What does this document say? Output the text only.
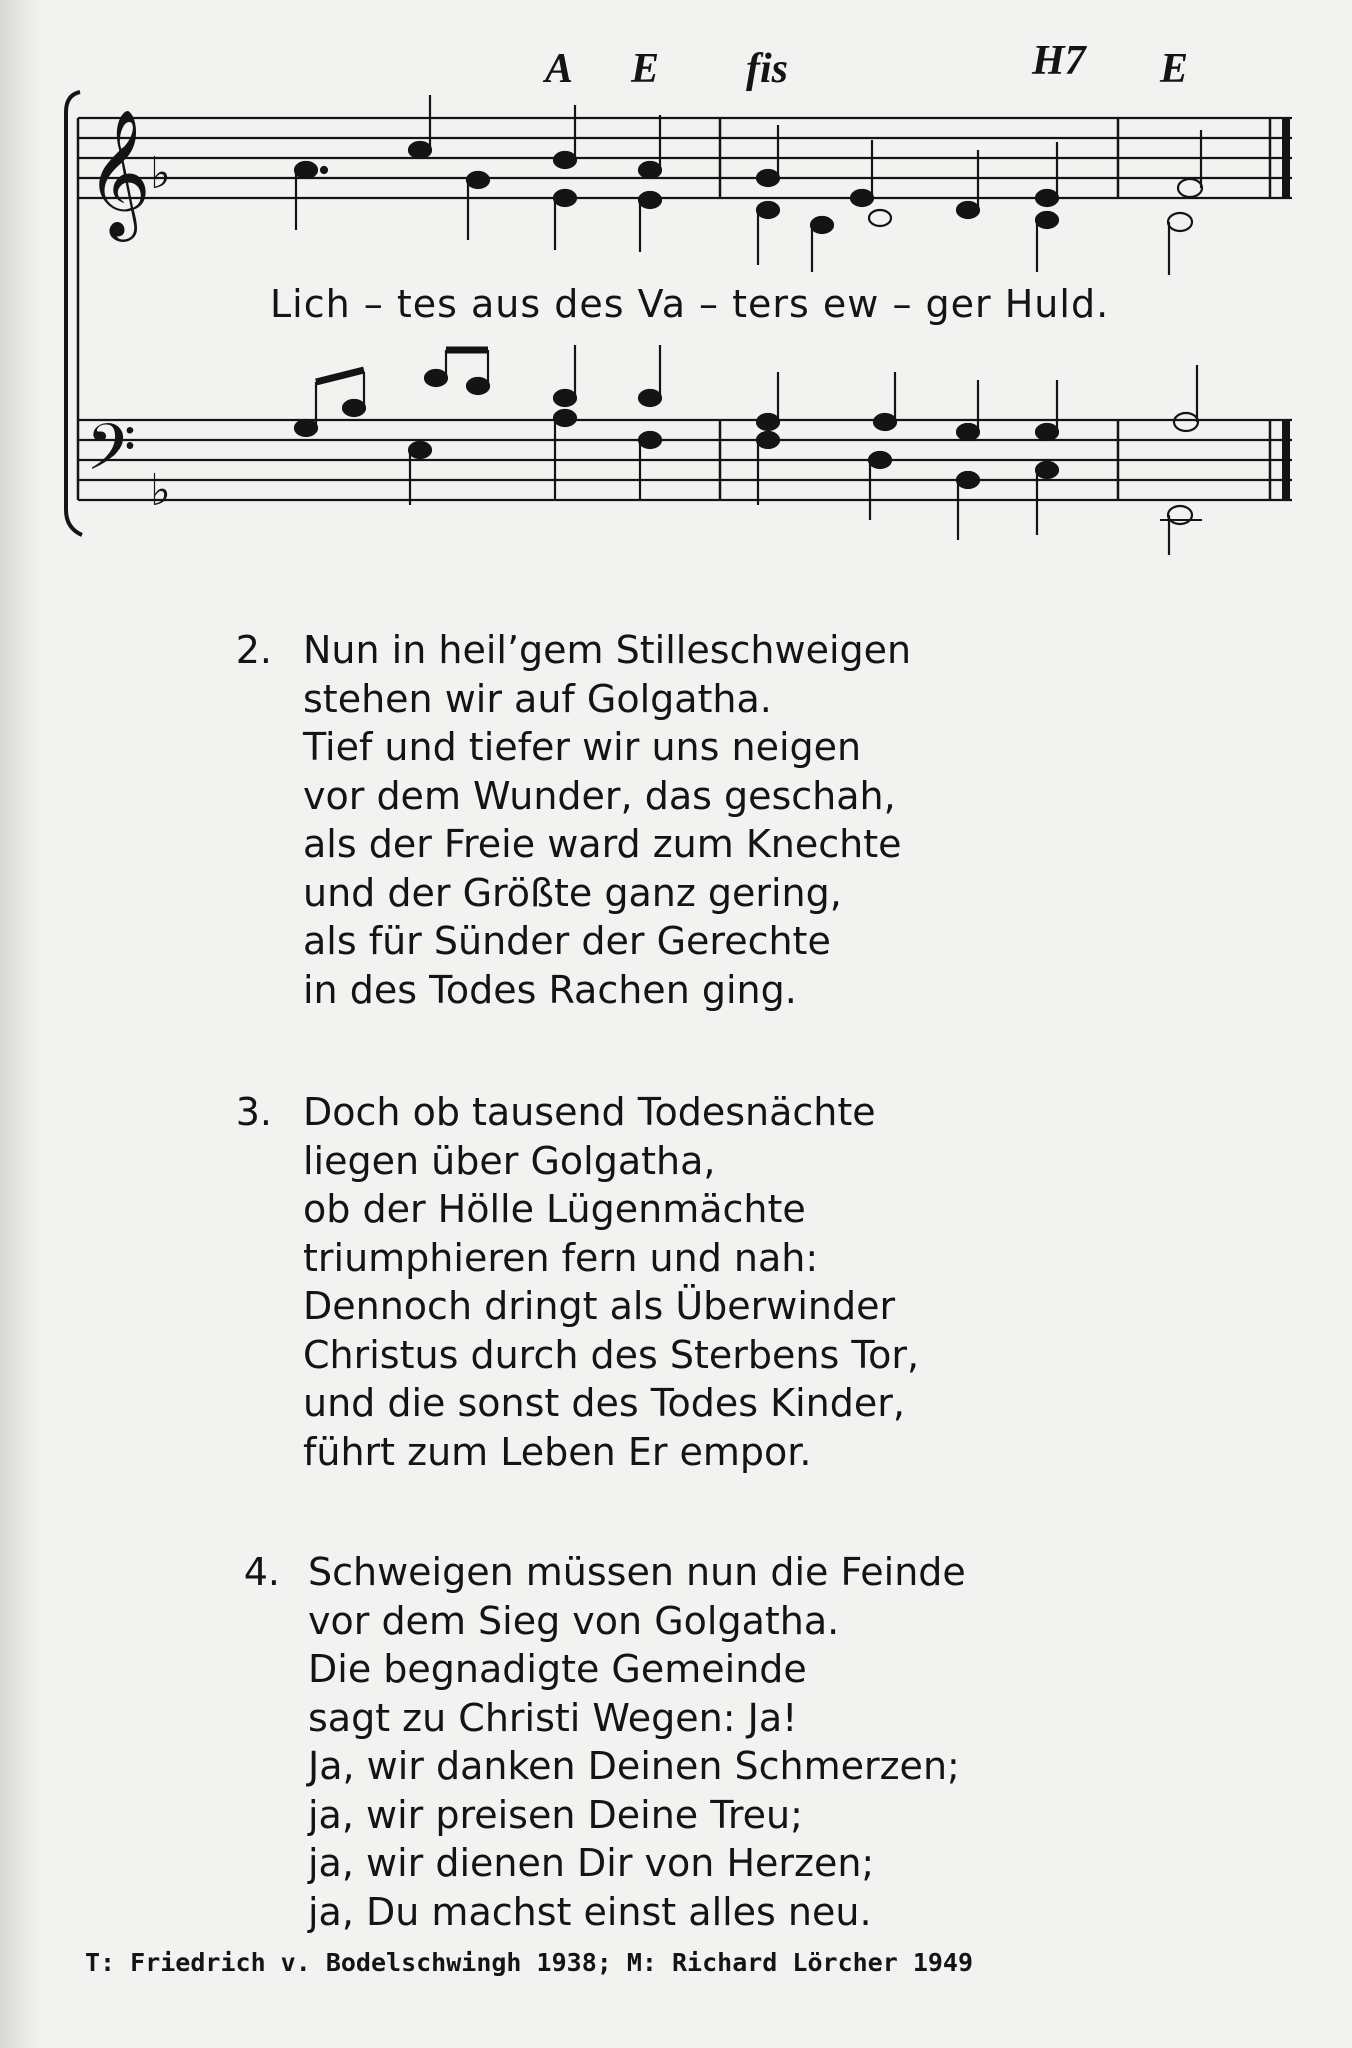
A E fis	H7 E
𝄞
♭
𝄢 ♭
Lich – tes aus des Va – ters ew – ger Huld.
2. Nun in heil’gem Stilleschweigen
stehen wir auf Golgatha.
Tief und tiefer wir uns neigen
vor dem Wunder, das geschah,
als der Freie ward zum Knechte
und der Größte ganz gering,
als für Sünder der Gerechte
in des Todes Rachen ging.
3. Doch ob tausend Todesnächte
liegen über Golgatha,
ob der Hölle Lügenmächte
triumphieren fern und nah:
Dennoch dringt als Überwinder
Christus durch des Sterbens Tor,
und die sonst des Todes Kinder,
führt zum Leben Er empor.
4. Schweigen müssen nun die Feinde
vor dem Sieg von Golgatha.
Die begnadigte Gemeinde
sagt zu Christi Wegen: Ja!
Ja, wir danken Deinen Schmerzen;
ja, wir preisen Deine Treu;
ja, wir dienen Dir von Herzen;
ja, Du machst einst alles neu.
T: Friedrich v. Bodelschwingh 1938; M: Richard Lörcher 1949
